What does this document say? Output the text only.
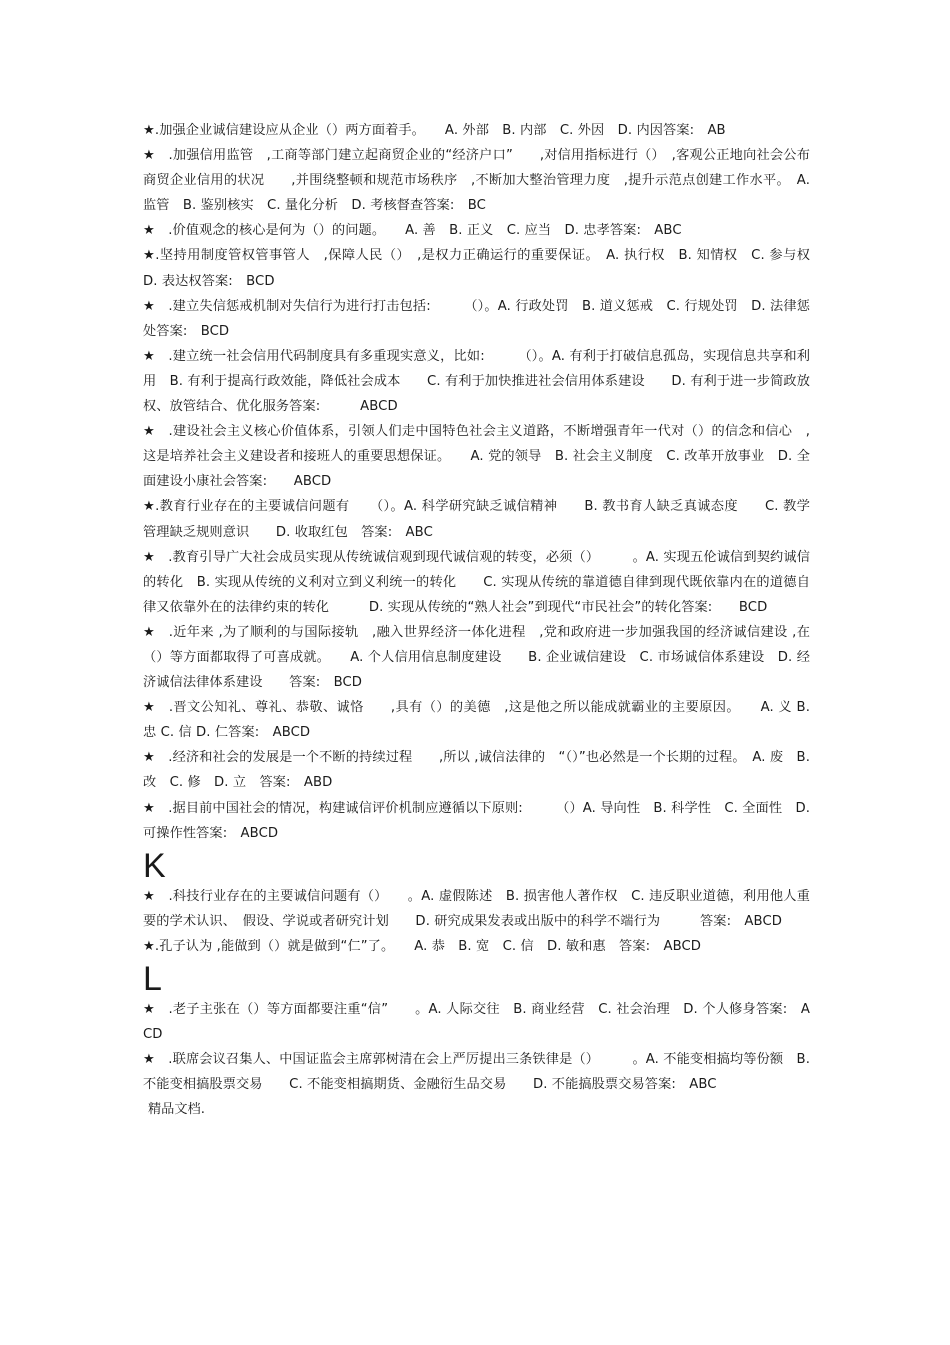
★.加强企业诚信建设应从企业（）两方面着手。　　A. 外部　B. 内部　C. 外因　D. 内因答案:　AB

★　.加强信用监管　,工商等部门建立起商贸企业的“经济户口”　　,对信用指标进行（）　,客观公正地向社会公布商贸企业信用的状况　　,并围绕整顿和规范市场秩序　,不断加大整治管理力度　,提升示范点创建工作水平。　A. 监管　B. 鉴别核实　C. 量化分析　D. 考核督查答案:　BC

★　.价值观念的核心是何为（）的问题。　　A. 善　B. 正义　C. 应当　D. 忠孝答案:　ABC

★.坚持用制度管权管事管人　,保障人民（）　,是权力正确运行的重要保证。　A. 执行权　B. 知情权　C. 参与权　D. 表达权答案:　BCD

★　.建立失信惩戒机制对失信行为进行打击包括:　　　（）。A. 行政处罚　B. 道义惩戒　C. 行规处罚　D. 法律惩处答案:　BCD

★　.建立统一社会信用代码制度具有多重现实意义，比如:　　　（）。A. 有利于打破信息孤岛，实现信息共享和利用　B. 有利于提高行政效能，降低社会成本　　C. 有利于加快推进社会信用体系建设　　D. 有利于进一步简政放权、放管结合、优化服务答案:　　　ABCD

★　.建设社会主义核心价值体系，引领人们走中国特色社会主义道路，不断增强青年一代对（）的信念和信心　,这是培养社会主义建设者和接班人的重要思想保证。　　A. 党的领导　B. 社会主义制度　C. 改革开放事业　D. 全面建设小康社会答案:　　ABCD

★.教育行业存在的主要诚信问题有　　（）。A. 科学研究缺乏诚信精神　　B. 教书育人缺乏真诚态度　　C. 教学管理缺乏规则意识　　D. 收取红包　答案:　ABC

★　.教育引导广大社会成员实现从传统诚信观到现代诚信观的转变，必须（）　　　。A. 实现五伦诚信到契约诚信的转化　B. 实现从传统的义利对立到义利统一的转化　　C. 实现从传统的靠道德自律到现代既依靠内在的道德自律又依靠外在的法律约束的转化　　　D. 实现从传统的“熟人社会”到现代“市民社会”的转化答案:　　BCD

★　.近年来 ,为了顺利的与国际接轨　,融入世界经济一体化进程　,党和政府进一步加强我国的经济诚信建设 ,在（）等方面都取得了可喜成就。　　A. 个人信用信息制度建设　　B. 企业诚信建设　C. 市场诚信体系建设　D. 经济诚信法律体系建设　　答案:　BCD

★　.晋文公知礼、尊礼、恭敬、诚恪　　,具有（）的美德　,这是他之所以能成就霸业的主要原因。　　A. 义 B. 忠 C. 信 D. 仁答案:　ABCD

★　.经济和社会的发展是一个不断的持续过程　　,所以 ,诚信法律的　“（）”也必然是一个长期的过程。　A. 废　B. 改　C. 修　D. 立　答案:　ABD

★　.据目前中国社会的情况，构建诚信评价机制应遵循以下原则:　　　（）A. 导向性　B. 科学性　C. 全面性　D. 可操作性答案:　ABCD

K

★　.科技行业存在的主要诚信问题有（）　　。A. 虚假陈述　B. 损害他人著作权　C. 违反职业道德，利用他人重要的学术认识、　假设、学说或者研究计划　　D. 研究成果发表或出版中的科学不端行为　　　答案:　ABCD

★.孔子认为 ,能做到（）就是做到“仁”了。　　A. 恭　B. 宽　C. 信　D. 敏和惠　答案:　ABCD

L

★　.老子主张在（）等方面都要注重“信”　　。A. 人际交往　B. 商业经营　C. 社会治理　D. 个人修身答案:　ACD

★　.联席会议召集人、中国证监会主席郭树清在会上严厉提出三条铁律是（）　　　。A. 不能变相搞均等份额　B. 不能变相搞股票交易　　C. 不能变相搞期货、金融衍生品交易　　D. 不能搞股票交易答案:　ABC

精品文档.
